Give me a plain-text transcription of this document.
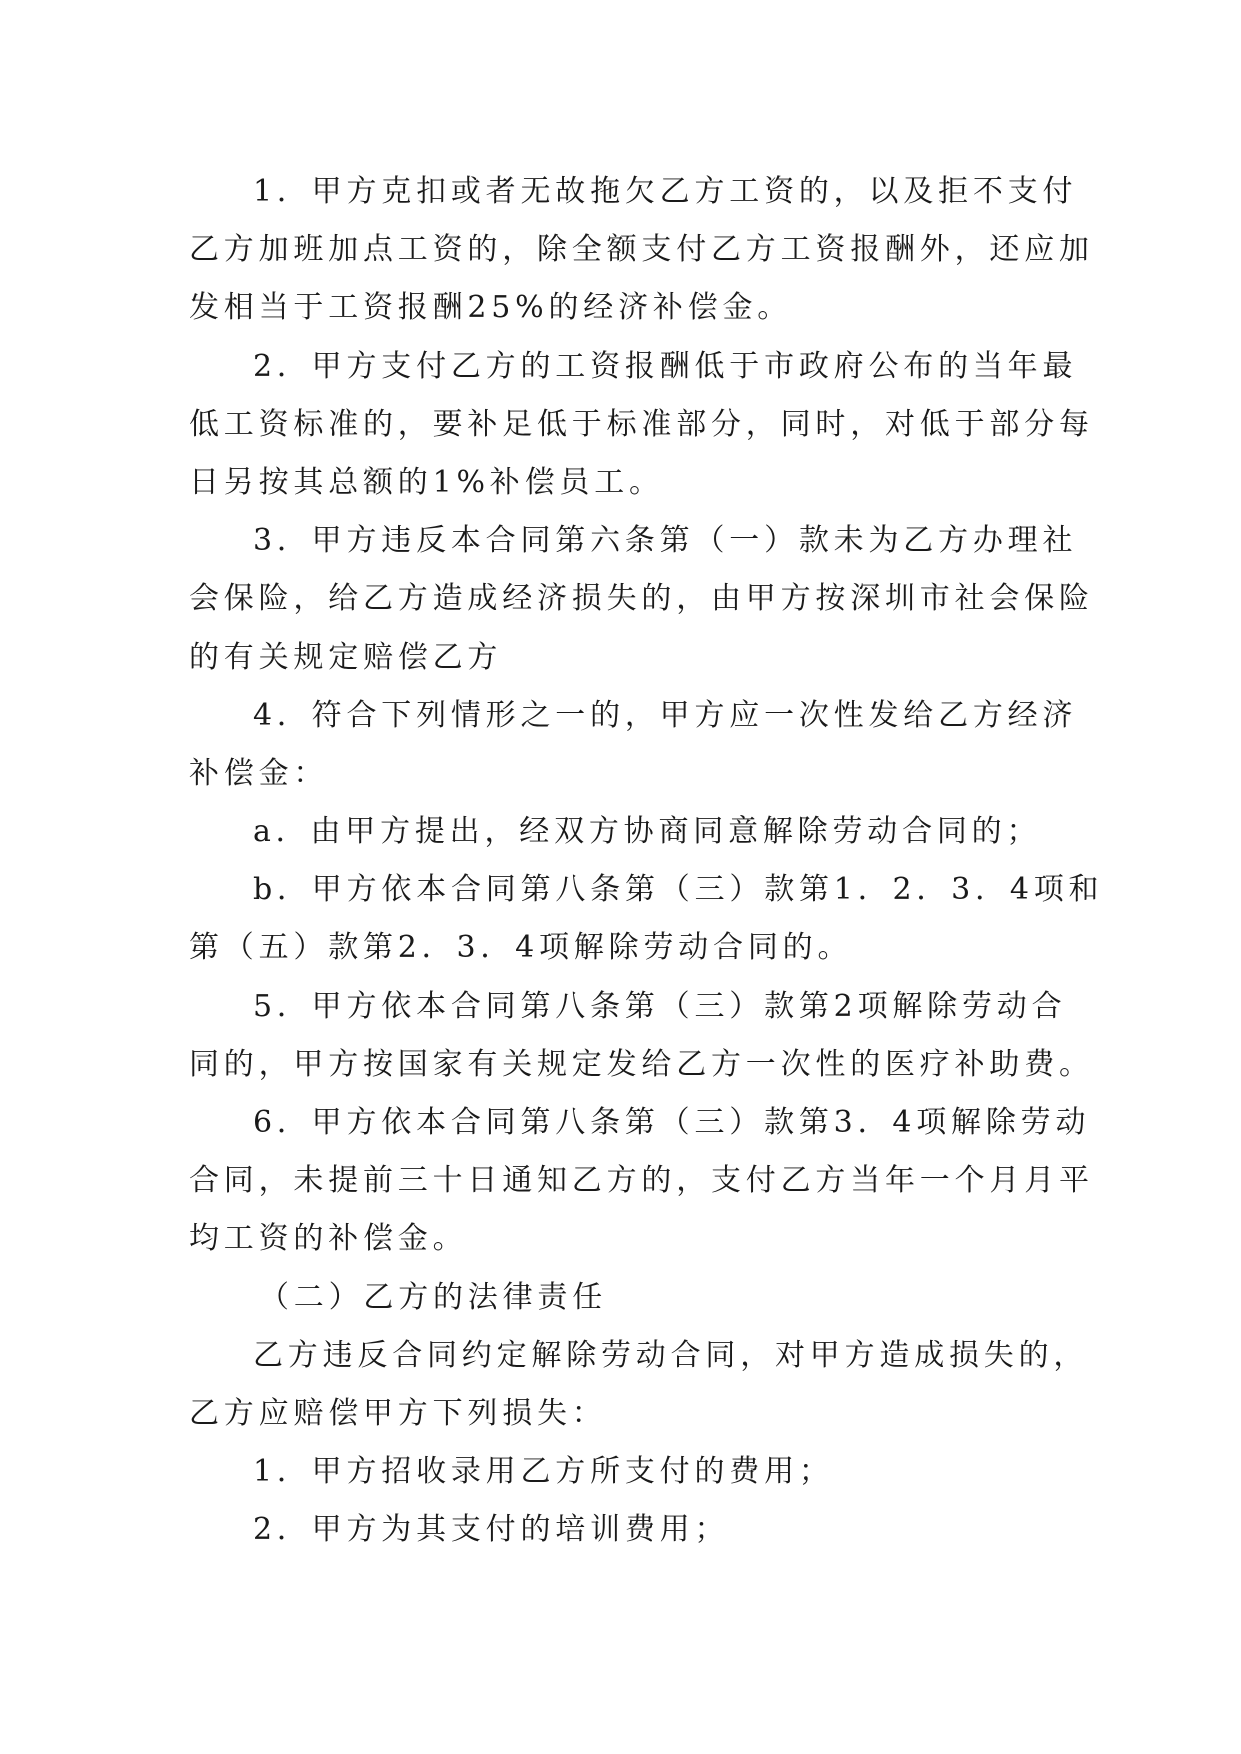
1．甲方克扣或者无故拖欠乙方工资的，以及拒不支付
乙方加班加点工资的，除全额支付乙方工资报酬外，还应加
发相当于工资报酬25%的经济补偿金。
2．甲方支付乙方的工资报酬低于市政府公布的当年最
低工资标准的，要补足低于标准部分，同时，对低于部分每
日另按其总额的1%补偿员工。
3．甲方违反本合同第六条第（一）款未为乙方办理社
会保险，给乙方造成经济损失的，由甲方按深圳市社会保险
的有关规定赔偿乙方
4．符合下列情形之一的，甲方应一次性发给乙方经济
补偿金：
a．由甲方提出，经双方协商同意解除劳动合同的；
b．甲方依本合同第八条第（三）款第1．2．3．4项和
第（五）款第2．3．4项解除劳动合同的。
5．甲方依本合同第八条第（三）款第2项解除劳动合
同的，甲方按国家有关规定发给乙方一次性的医疗补助费。
6．甲方依本合同第八条第（三）款第3．4项解除劳动
合同，未提前三十日通知乙方的，支付乙方当年一个月月平
均工资的补偿金。
（二）乙方的法律责任
乙方违反合同约定解除劳动合同，对甲方造成损失的，
乙方应赔偿甲方下列损失：
1．甲方招收录用乙方所支付的费用；
2．甲方为其支付的培训费用；
